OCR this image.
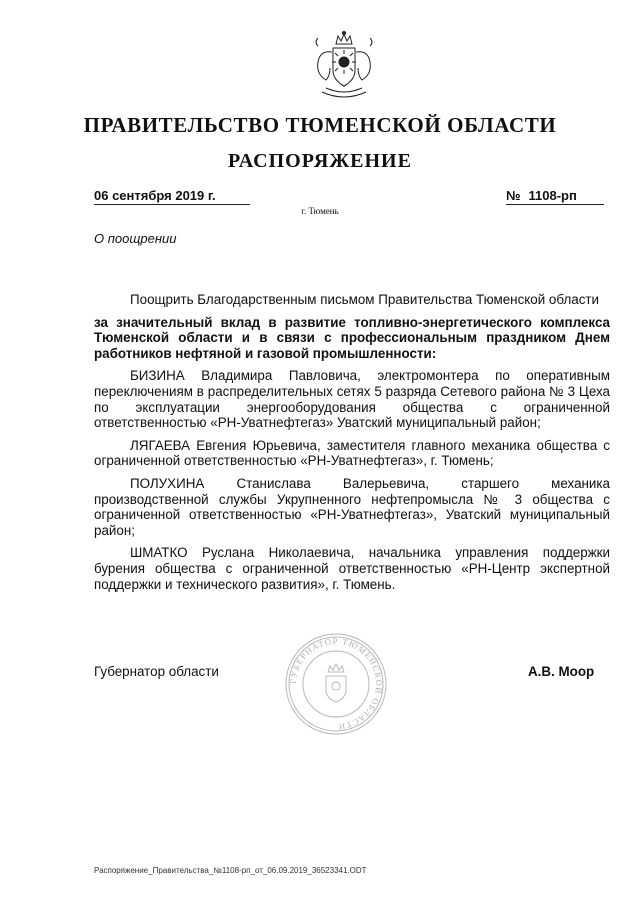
ПРАВИТЕЛЬСТВО ТЮМЕНСКОЙ ОБЛАСТИ
РАСПОРЯЖЕНИЕ
06 сентября 2019 г.	№ 1108-рп
г. Тюмень
О поощрении

Поощрить Благодарственным письмом Правительства Тюменской области

за значительный вклад в развитие топливно-энергетического комплекса Тюменской области и в связи с профессиональным праздником Днем работников нефтяной и газовой промышленности:

БИЗИНА Владимира Павловича, электромонтера по оперативным переключениям в распределительных сетях 5 разряда Сетевого района № 3 Цеха по эксплуатации энергооборудования общества с ограниченной ответственностью «РН-Уватнефтегаз» Уватский муниципальный район;

ЛЯГАЕВА Евгения Юрьевича, заместителя главного механика общества с ограниченной ответственностью «РН-Уватнефтегаз», г. Тюмень;

ПОЛУХИНА Станислава Валерьевича, старшего механика производственной службы Укрупненного нефтепромысла № 3 общества с ограниченной ответственностью «РН-Уватнефтегаз», Уватский муниципальный район;

ШМАТКО Руслана Николаевича, начальника управления поддержки бурения общества с ограниченной ответственностью «РН-Центр экспертной поддержки и технического развития», г. Тюмень.

Губернатор области	А.В. Моор
ГУБЕРНАТОР ТЮМЕНСКОЙ ОБЛАСТИ
Распоряжение_Правительства_№1108-рп_от_06.09.2019_36523341.ODT
